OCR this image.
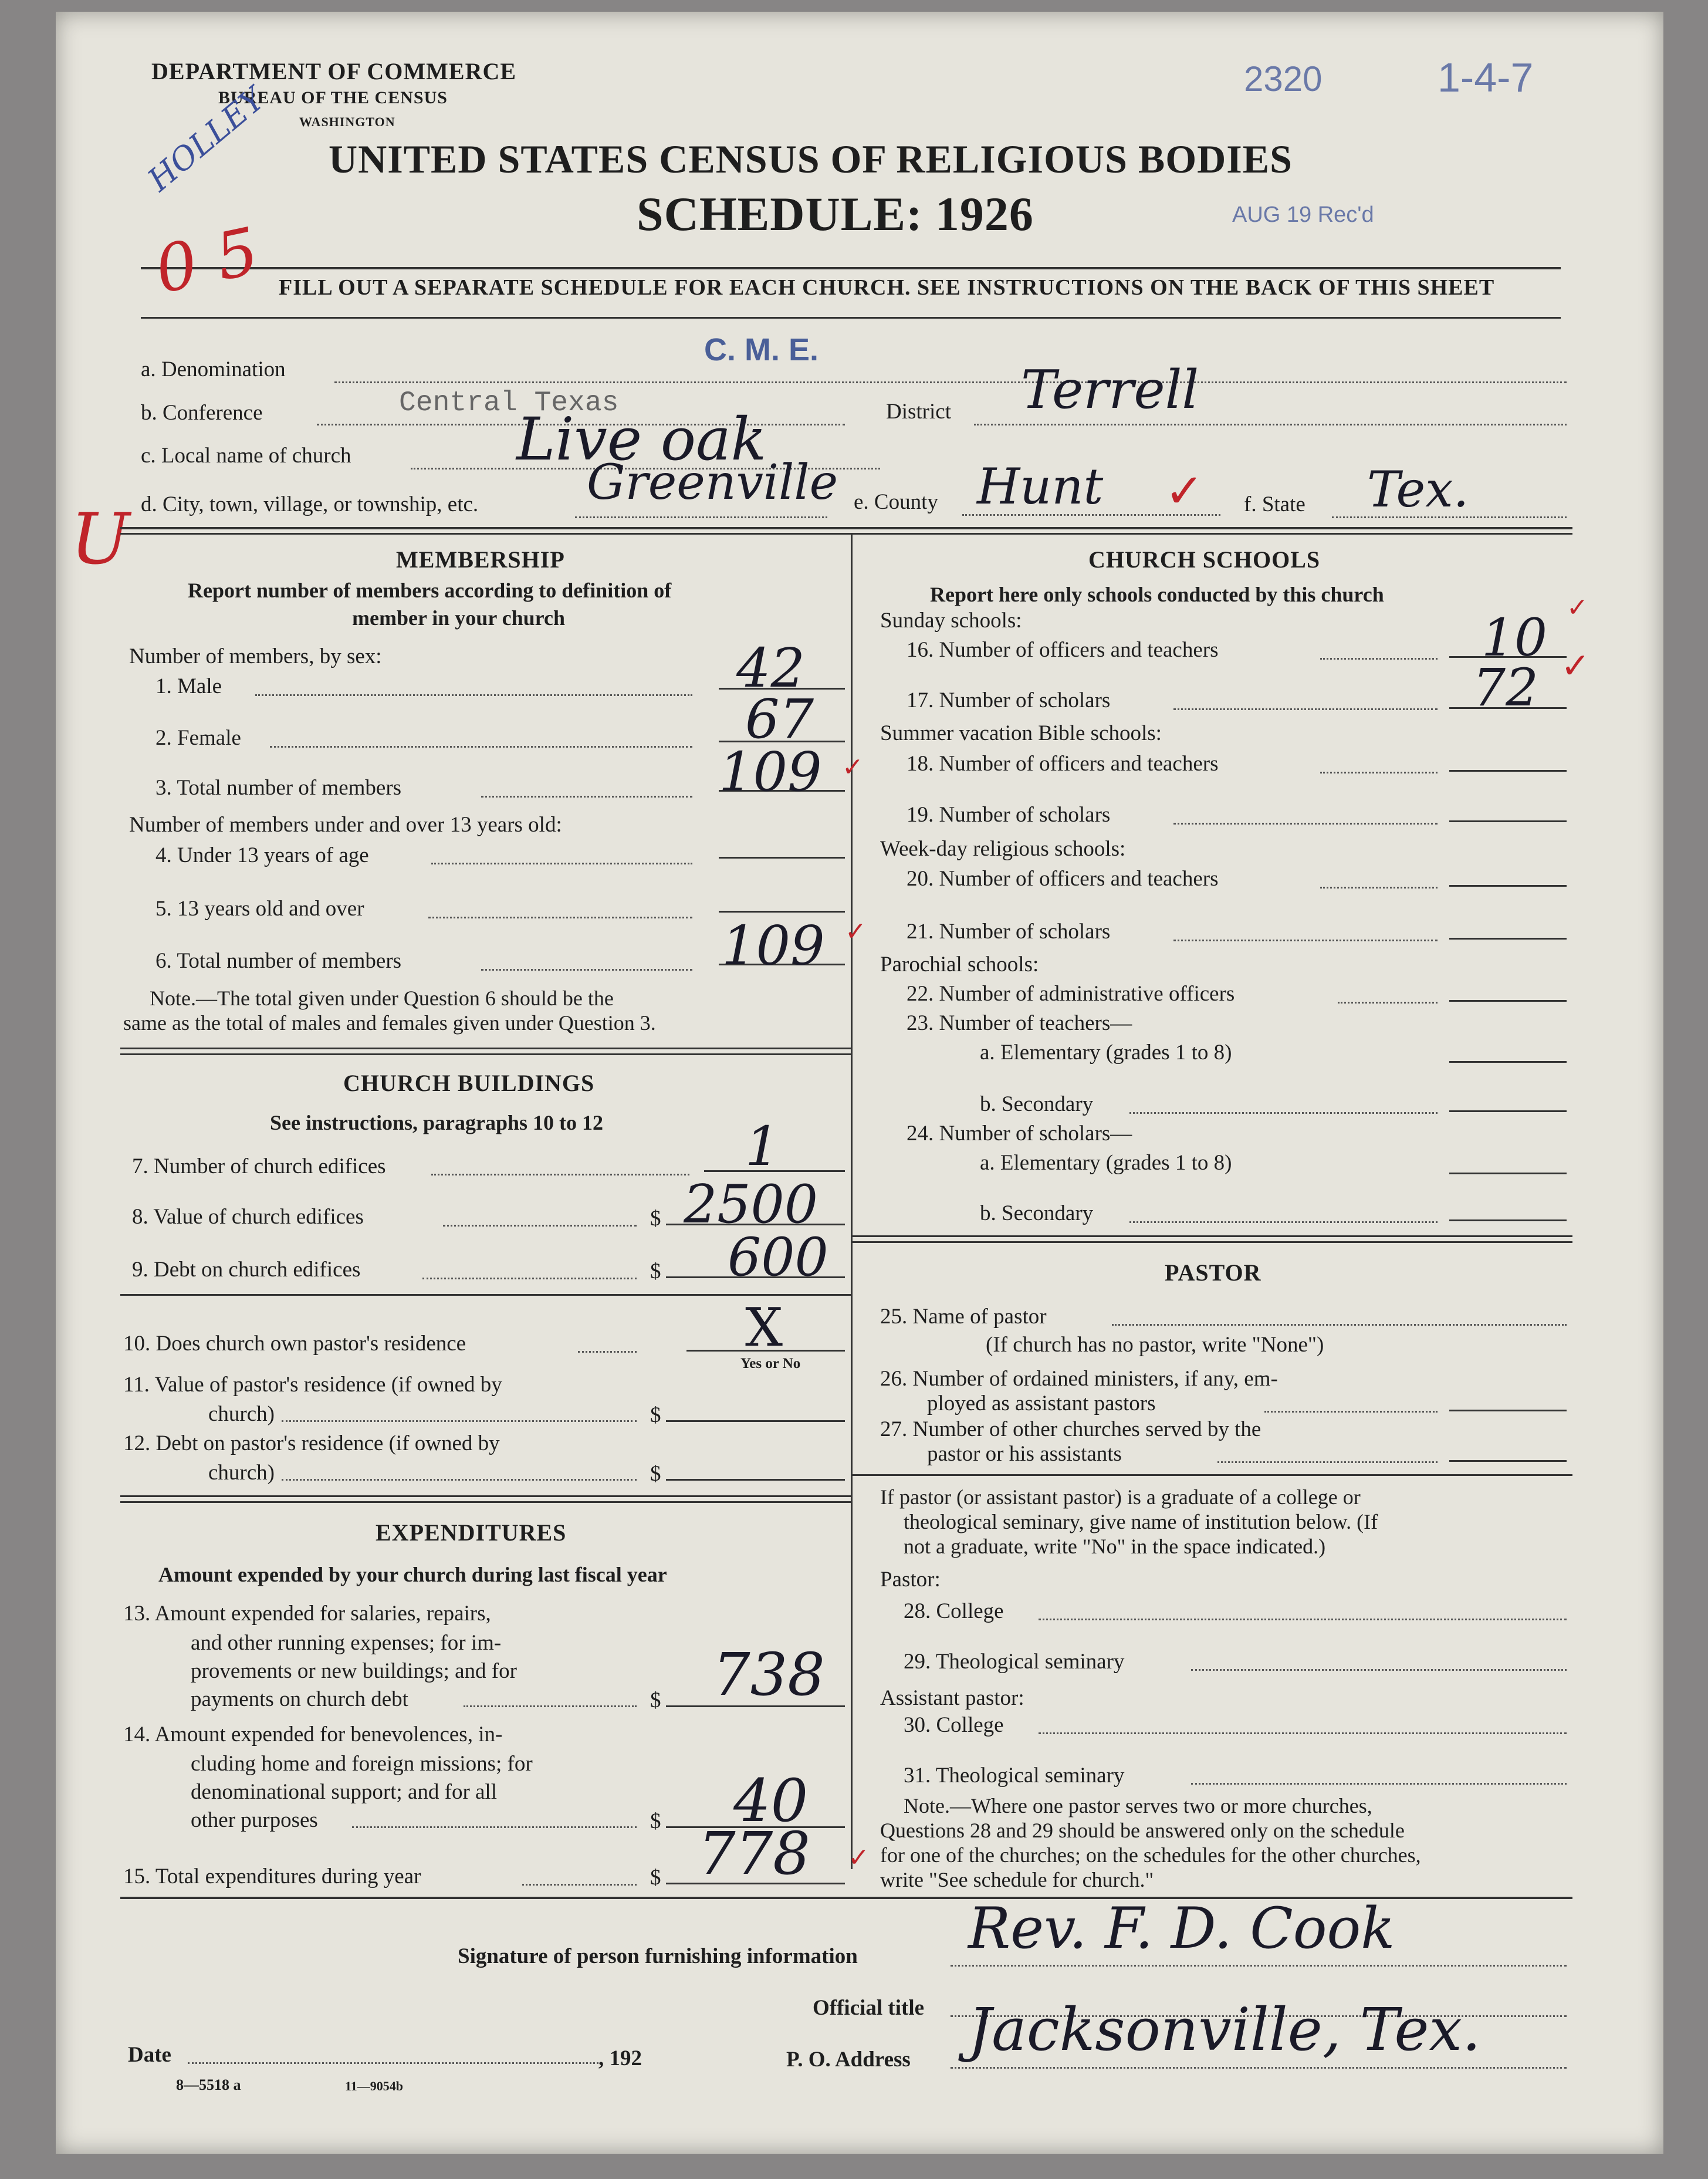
DEPARTMENT OF COMMERCE
BUREAU OF THE CENSUS
WASHINGTON
UNITED STATES CENSUS OF RELIGIOUS BODIES
SCHEDULE: 1926
FILL OUT A SEPARATE SCHEDULE FOR EACH CHURCH. SEE INSTRUCTIONS ON THE BACK OF THIS SHEET
2320	1-4-7
AUG 19 Rec'd
HOLLEY
0 5
U
a. Denomination
C. M. E.
b. Conference	Central Texas	District Terrell
c. Local name of church	Live oak
d. City, town, village, or township, etc. Greenville e. County Hunt ✓ f. State Tex.
MEMBERSHIP
Report number of members according to definition of
member in your church
Number of members, by sex:
1. Male	42
2. Female	67
3. Total number of members	109 ✓
Number of members under and over 13 years old:
4. Under 13 years of age
5. 13 years old and over
6. Total number of members	109 ✓
Note.—The total given under Question 6 should be the
same as the total of males and females given under Question 3.
CHURCH BUILDINGS
See instructions, paragraphs 10 to 12
7. Number of church edifices	1
8. Value of church edifices	$ 2500
9. Debt on church edifices	$ 600
10. Does church own pastor's residence	X
Yes or No
11. Value of pastor's residence (if owned by
church)	$
12. Debt on pastor's residence (if owned by
church)	$
EXPENDITURES
Amount expended by your church during last fiscal year
13. Amount expended for salaries, repairs,
and other running expenses; for im-
provements or new buildings; and for
payments on church debt	$ 738
14. Amount expended for benevolences, in-
cluding home and foreign missions; for
denominational support; and for all
other purposes	$ 40
15. Total expenditures during year	$ 778 ✓
CHURCH SCHOOLS
Report here only schools conducted by this church
Sunday schools:
16. Number of officers and teachers	10 ✓
17. Number of scholars	72 ✓
Summer vacation Bible schools:
18. Number of officers and teachers
19. Number of scholars
Week-day religious schools:
20. Number of officers and teachers
21. Number of scholars
Parochial schools:
22. Number of administrative officers
23. Number of teachers—
a. Elementary (grades 1 to 8)
b. Secondary
24. Number of scholars—
a. Elementary (grades 1 to 8)
b. Secondary
PASTOR
25. Name of pastor
(If church has no pastor, write "None")
26. Number of ordained ministers, if any, em-
ployed as assistant pastors
27. Number of other churches served by the
pastor or his assistants
If pastor (or assistant pastor) is a graduate of a college or
theological seminary, give name of institution below. (If
not a graduate, write "No" in the space indicated.)
Pastor:
28. College
29. Theological seminary
Assistant pastor:
30. College
31. Theological seminary
Note.—Where one pastor serves two or more churches,
Questions 28 and 29 should be answered only on the schedule
for one of the churches; on the schedules for the other churches,
write "See schedule for church."
Signature of person furnishing information Rev. F. D. Cook
Official title
Date	, 192	P. O. Address Jacksonville, Tex.
8—5518 a	11—9054b
